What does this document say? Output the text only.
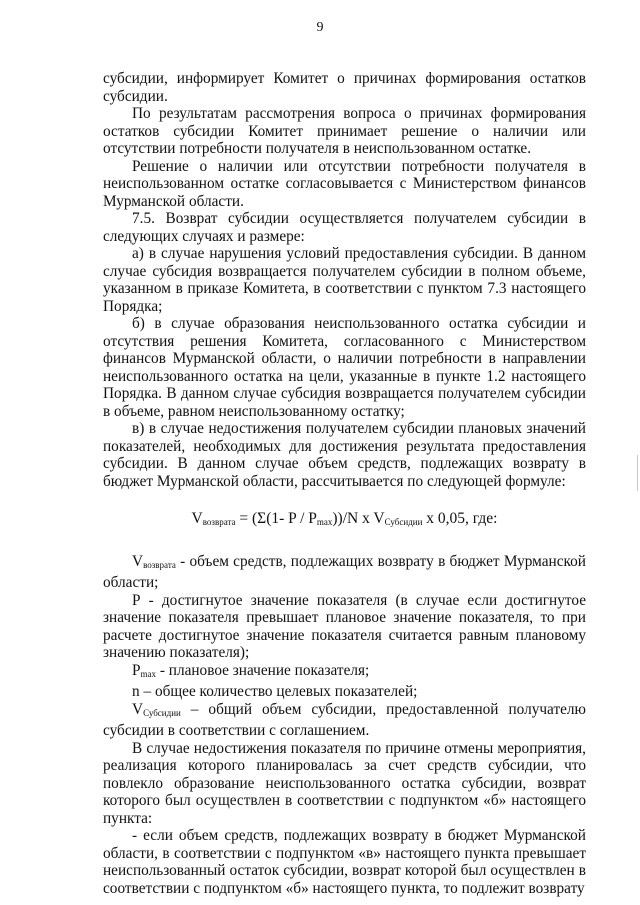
9

субсидии, информирует Комитет о причинах формирования остатков субсидии.

По результатам рассмотрения вопроса о причинах формирования остатков субсидии Комитет принимает решение о наличии или отсутствии потребности получателя в неиспользованном остатке.

Решение о наличии или отсутствии потребности получателя в неиспользованном остатке согласовывается с Министерством финансов Мурманской области.

7.5. Возврат субсидии осуществляется получателем субсидии в следующих случаях и размере:

а) в случае нарушения условий предоставления субсидии. В данном случае субсидия возвращается получателем субсидии в полном объеме, указанном в приказе Комитета, в соответствии с пунктом 7.3 настоящего Порядка;

б) в случае образования неиспользованного остатка субсидии и отсутствия решения Комитета, согласованного с Министерством финансов Мурманской области, о наличии потребности в направлении неиспользованного остатка на цели, указанные в пункте 1.2 настоящего Порядка. В данном случае субсидия возвращается получателем субсидии в объеме, равном неиспользованному остатку;

в) в случае недостижения получателем субсидии плановых значений показателей, необходимых для достижения результата предоставления субсидии. В данном случае объем средств, подлежащих возврату в бюджет Мурманской области, рассчитывается по следующей формуле:

$V_{возврата} = (\Sigma(1-$ P / $P_{max}))/N$ x $V_{Субсидии}$ x 0,05, где:

$V_{возврата}$ - объем средств, подлежащих возврату в бюджет Мурманской области;

Р - достигнутое значение показателя (в случае если достигнутое значение показателя превышает плановое значение показателя, то при расчете достигнутое значение показателя считается равным плановому значению показателя);

$P_{max}$ - плановое значение показателя;

n – общее количество целевых показателей;

$V_{Субсидии}$ – общий объем субсидии, предоставленной получателю субсидии в соответствии с соглашением.

В случае недостижения показателя по причине отмены мероприятия, реализация которого планировалась за счет средств субсидии, что повлекло образование неиспользованного остатка субсидии, возврат которого был осуществлен в соответствии с подпунктом «б» настоящего пункта:

- если объем средств, подлежащих возврату в бюджет Мурманской области, в соответствии с подпунктом «в» настоящего пункта превышает неиспользованный остаток субсидии, возврат которой был осуществлен в соответствии с подпунктом «б» настоящего пункта, то подлежит возврату
